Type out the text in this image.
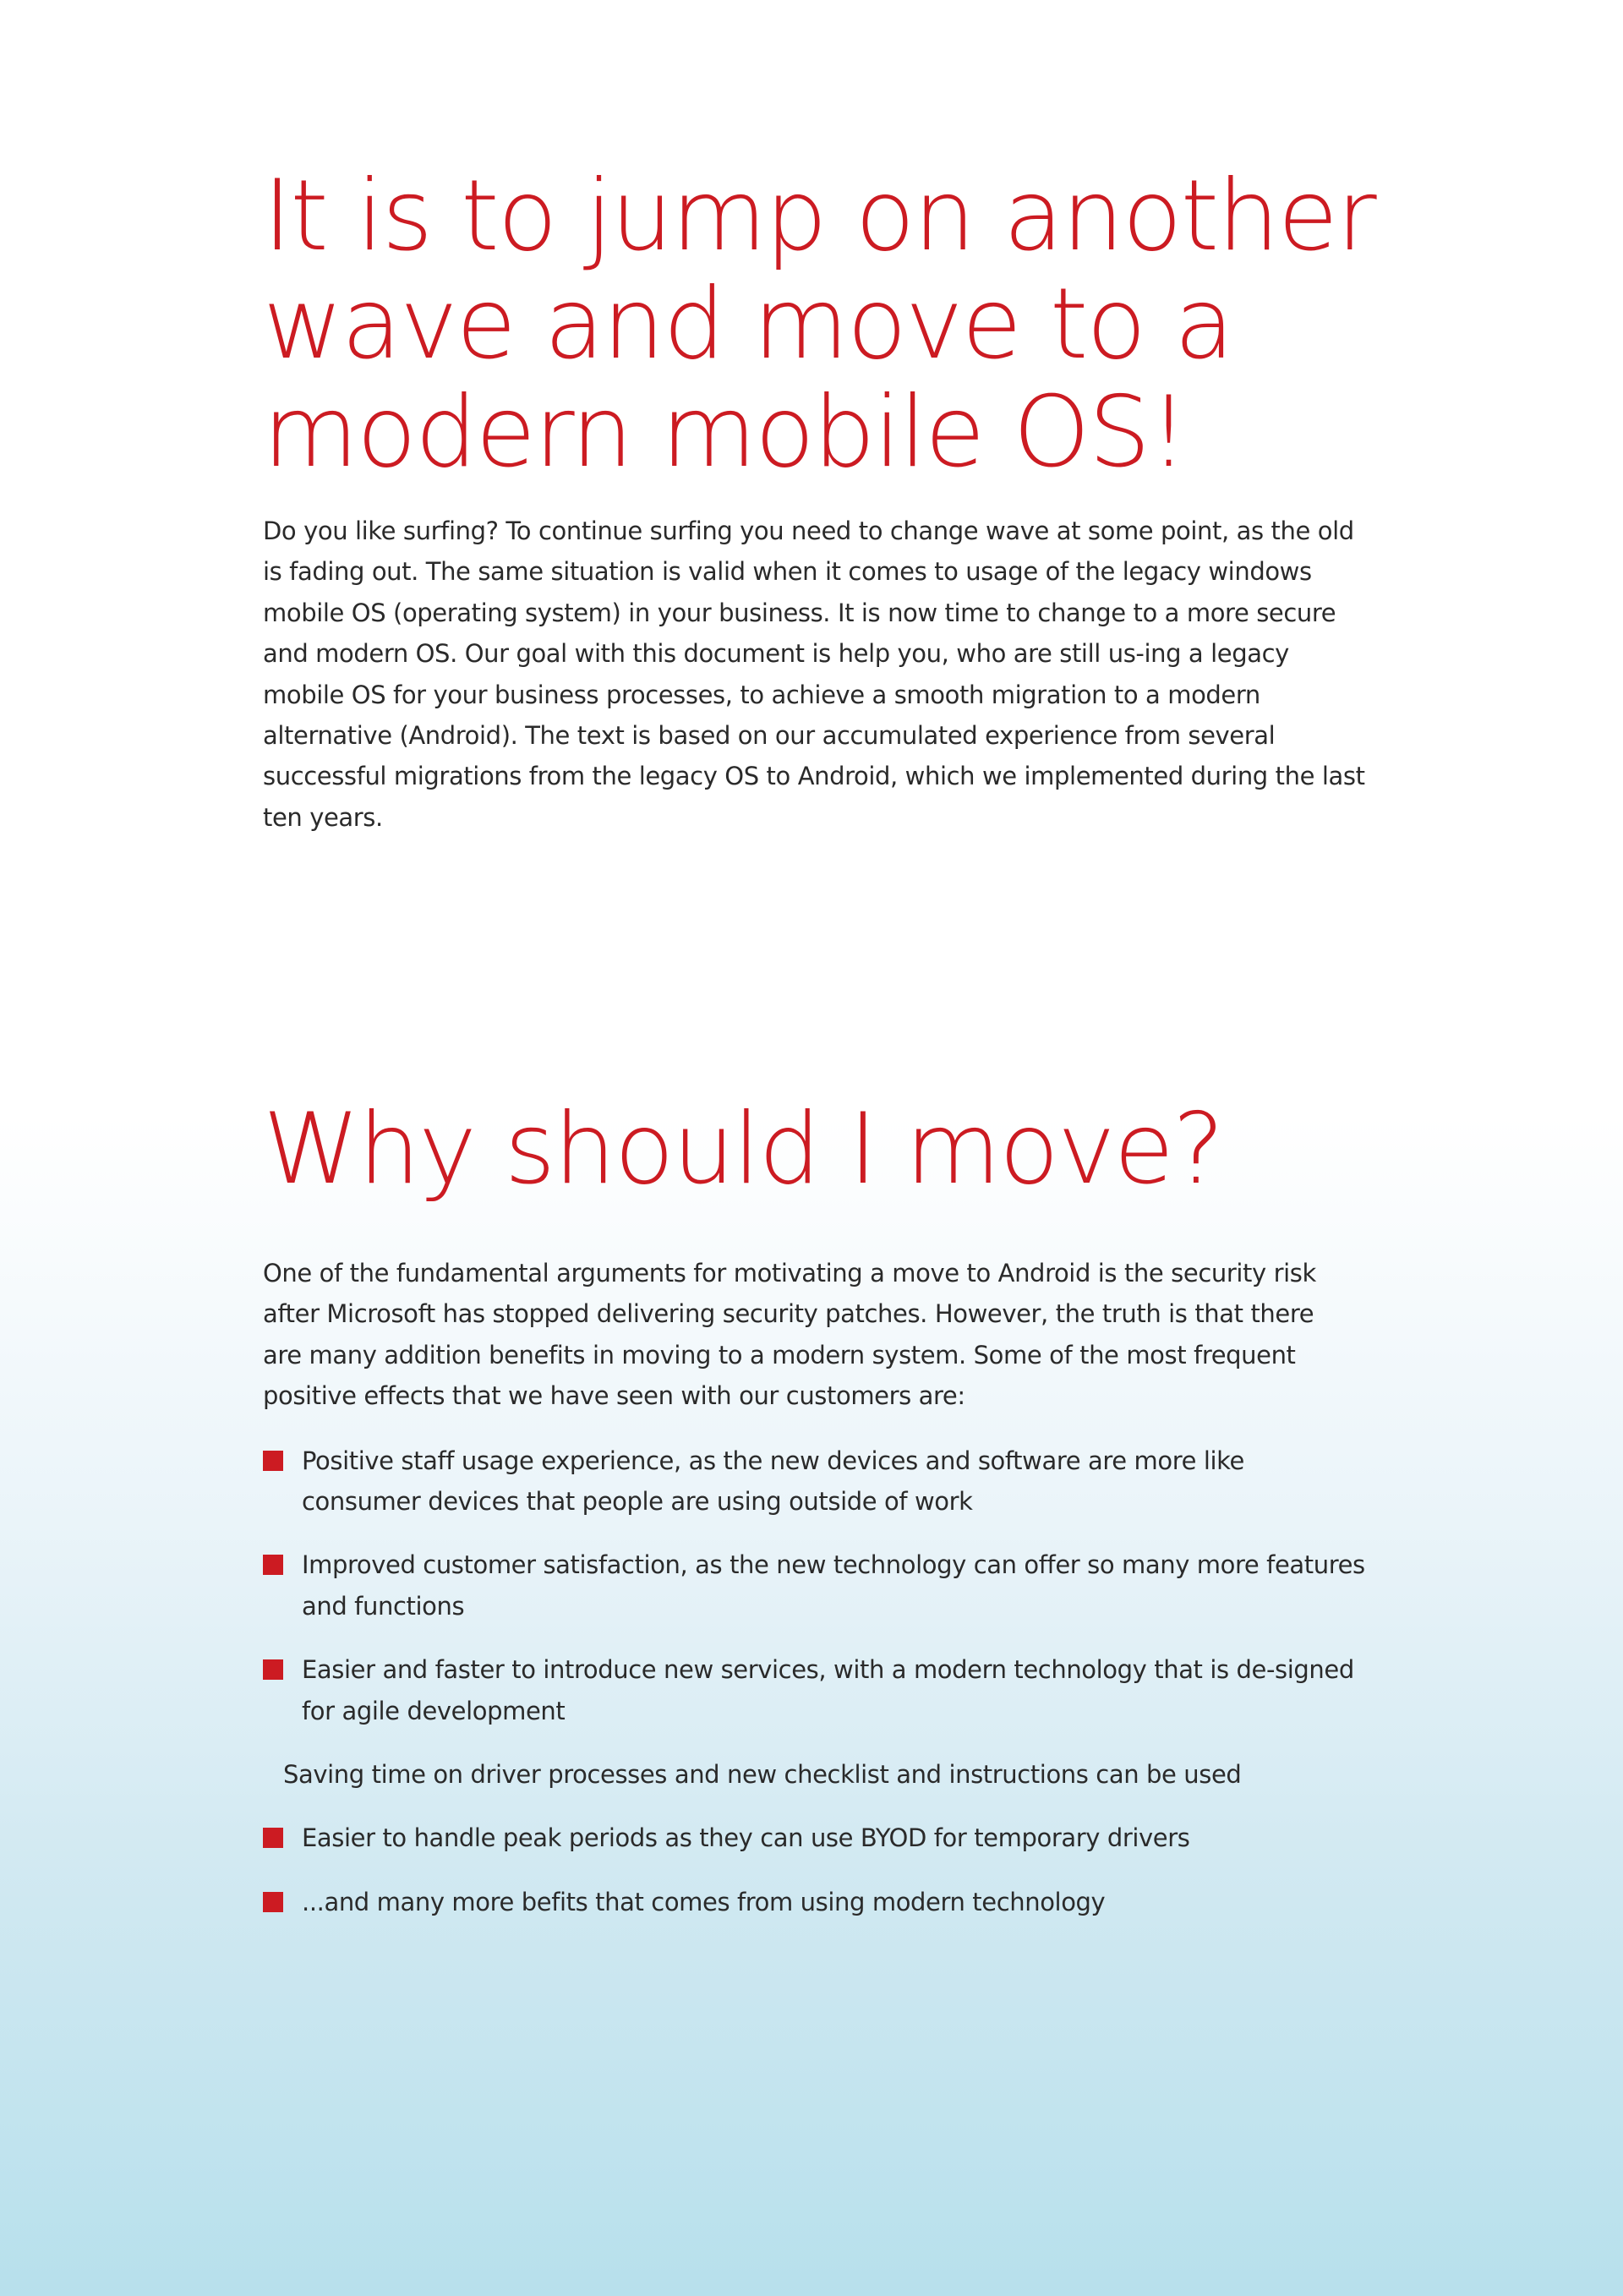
It is to jump on another wave and move to a modern mobile OS!

Do you like surfing? To continue surfing you need to change wave at some point, as the old is fading out. The same situation is valid when it comes to usage of the legacy windows mobile OS (operating system) in your business. It is now time to change to a more secure and modern OS. Our goal with this document is help you, who are still us-ing a legacy mobile OS for your business processes, to achieve a smooth migration to a modern alternative (Android). The text is based on our accumulated experience from several successful migrations from the legacy OS to Android, which we implemented during the last ten years.

Why should I move?

One of the fundamental arguments for motivating a move to Android is the security risk after Microsoft has stopped delivering security patches. However, the truth is that there are many addition benefits in moving to a modern system. Some of the most frequent positive effects that we have seen with our customers are:

Positive staff usage experience, as the new devices and software are more like consumer devices that people are using outside of work
Improved customer satisfaction, as the new technology can offer so many more features and functions
Easier and faster to introduce new services, with a modern technology that is de-signed for agile development
Saving time on driver processes and new checklist and instructions can be used
Easier to handle peak periods as they can use BYOD for temporary drivers
...and many more befits that comes from using modern technology
